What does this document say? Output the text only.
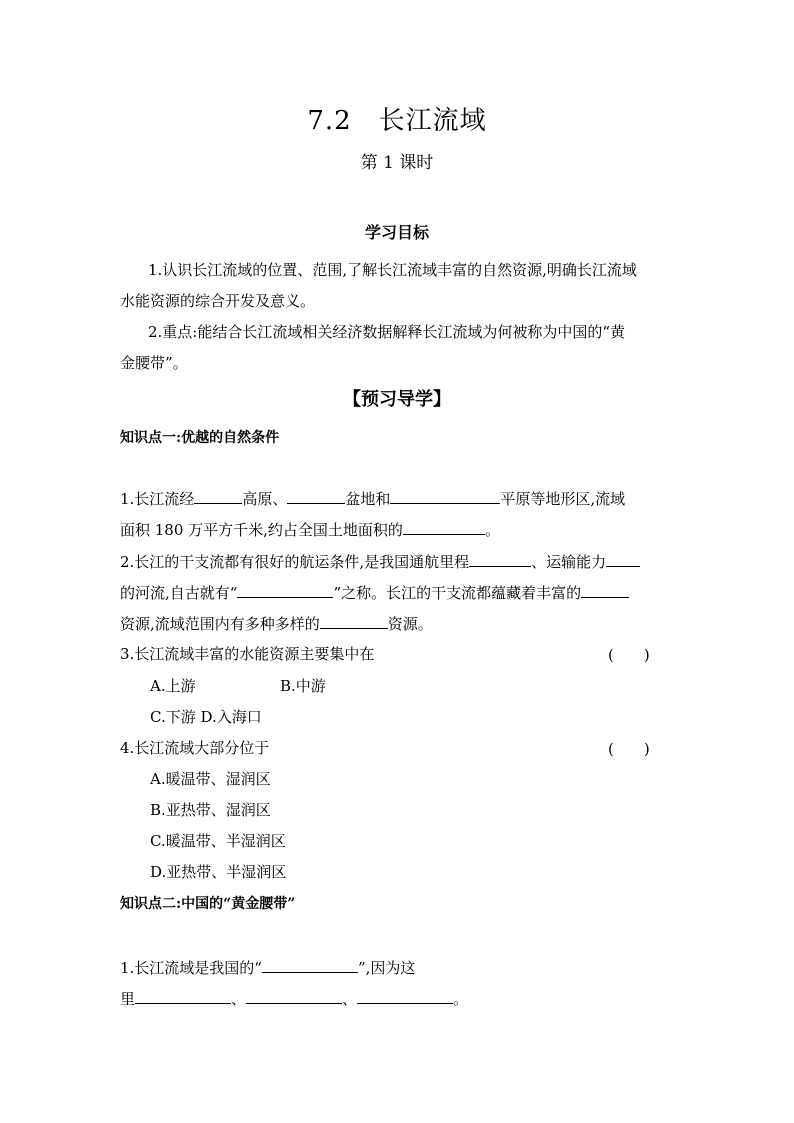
7.2　长江流域
第 1 课时
学习目标
1.认识长江流域的位置、范围,了解长江流域丰富的自然资源,明确长江流域
水能资源的综合开发及意义。
2.重点:能结合长江流域相关经济数据解释长江流域为何被称为中国的“黄
金腰带”。
【预习导学】
知识点一:优越的自然条件
1.长江流经	高原、	盆地和	平原等地形区,流域
面积 180 万平方千米,约占全国土地面积的	。
2.长江的干支流都有很好的航运条件,是我国通航里程	、运输能力
的河流,自古就有“	”之称。长江的干支流都蕴藏着丰富的
资源,流域范围内有多种多样的	资源。
3.长江流域丰富的水能资源主要集中在	(　　)
A.上游	B.中游
C.下游 D.入海口
4.长江流域大部分位于	(　　)
A.暖温带、湿润区
B.亚热带、湿润区
C.暖温带、半湿润区
D.亚热带、半湿润区
知识点二:中国的“黄金腰带”
1.长江流域是我国的“	”,因为这
里	、	、	。
